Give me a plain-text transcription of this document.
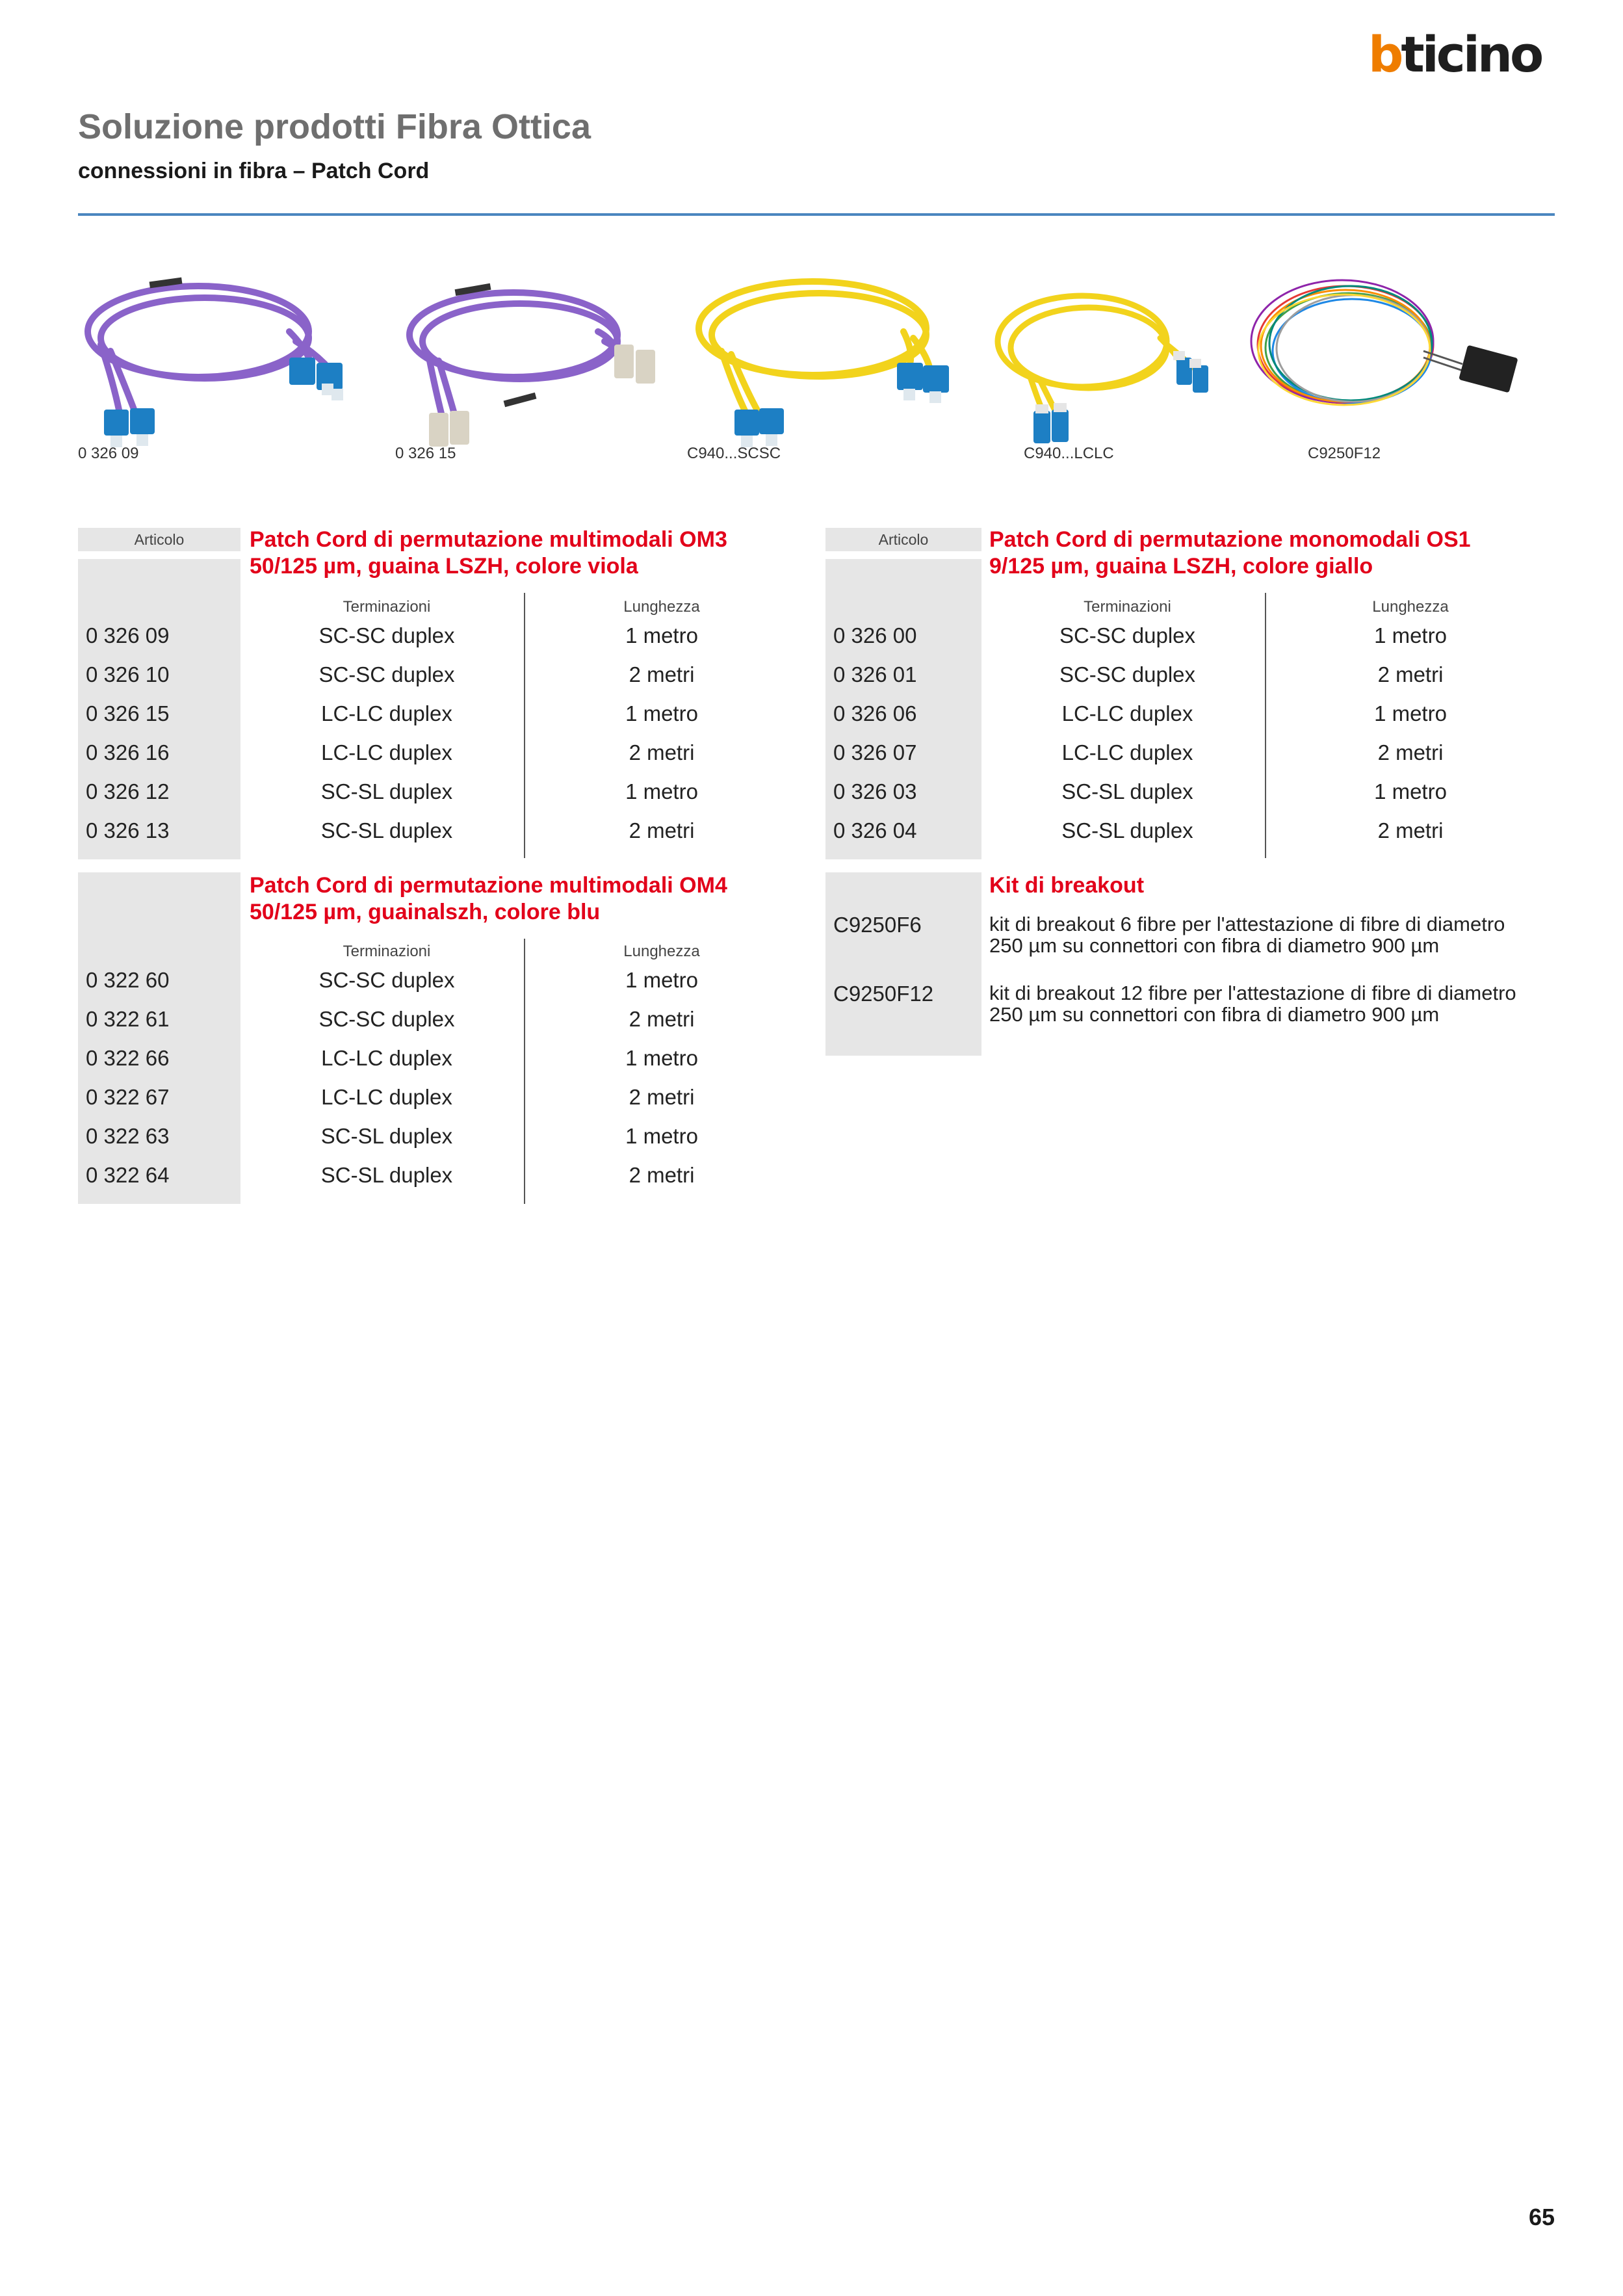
bticino
Soluzione prodotti Fibra Ottica
connessioni in fibra – Patch Cord
0 326 09	0 326 15	C940...SCSC	C940...LCLC	C9250F12
Articolo	Patch Cord di permutazione multimodali OM3
50/125 µm, guaina LSZH, colore viola
Terminazioni	Lunghezza
0 326 09	SC-SC duplex	1 metro
0 326 10	SC-SC duplex	2 metri
0 326 15	LC-LC duplex	1 metro
0 326 16	LC-LC duplex	2 metri
0 326 12	SC-SL duplex	1 metro
0 326 13	SC-SL duplex	2 metri
Articolo	Patch Cord di permutazione monomodali OS1
9/125 µm, guaina LSZH, colore giallo
Terminazioni	Lunghezza
0 326 00	SC-SC duplex	1 metro
0 326 01	SC-SC duplex	2 metri
0 326 06	LC-LC duplex	1 metro
0 326 07	LC-LC duplex	2 metri
0 326 03	SC-SL duplex	1 metro
0 326 04	SC-SL duplex	2 metri
Patch Cord di permutazione multimodali OM4
50/125 µm, guainalszh, colore blu
Terminazioni	Lunghezza
0 322 60	SC-SC duplex	1 metro
0 322 61	SC-SC duplex	2 metri
0 322 66	LC-LC duplex	1 metro
0 322 67	LC-LC duplex	2 metri
0 322 63	SC-SL duplex	1 metro
0 322 64	SC-SL duplex	2 metri
Kit di breakout
C9250F6	kit di breakout 6 fibre per l'attestazione di fibre di diametro 250 µm su connettori con fibra di diametro 900 µm
C9250F12	kit di breakout 12 fibre per l'attestazione di fibre di diametro 250 µm su connettori con fibra di diametro 900 µm
65
